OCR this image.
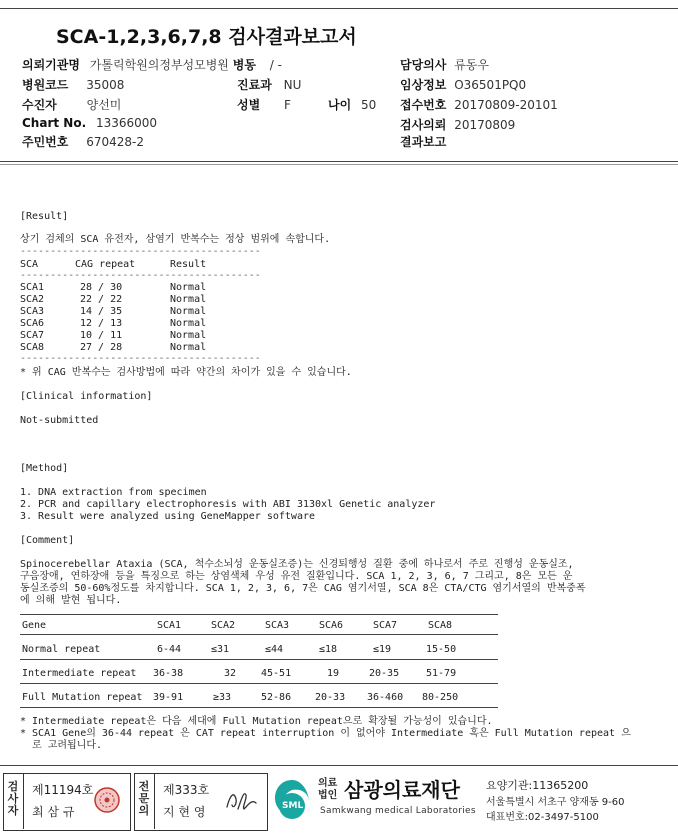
SCA-1,2,3,6,7,8 검사결과보고서
의뢰기관명 가톨릭학원의정부성모병원 병동 / -	담당의사 류동우
병원코드 35008	진료과 NU	임상정보 O36501PQ0
수진자 양선미	성별 F	나이 50 접수번호 20170809-20101
Chart No. 13366000	검사의뢰 20170809
주민번호 670428-2	결과보고
[Result]
상기 검체의 SCA 유전자, 삼염기 반복수는 정상 범위에 속합니다.
----------------------------------------
SCA	CAG repeat	Result
----------------------------------------
SCA1	28 / 30	Normal
SCA2	22 / 22	Normal
SCA3	14 / 35	Normal
SCA6	12 / 13	Normal
SCA7	10 / 11	Normal
SCA8	27 / 28	Normal
----------------------------------------
* 위 CAG 반복수는 검사방법에 따라 약간의 차이가 있을 수 있습니다.
[Clinical information]
Not-submitted
[Method]
1. DNA extraction from specimen
2. PCR and capillary electrophoresis with ABI 3130xl Genetic analyzer
3. Result were analyzed using GeneMapper software
[Comment]
Spinocerebellar Ataxia (SCA, 척수소뇌성 운동실조증)는 신경퇴행성 질환 중에 하나로서 주로 진행성 운동실조,
구음장애, 연하장애 등을 특징으로 하는 상염색체 우성 유전 질환입니다. SCA 1, 2, 3, 6, 7 그리고, 8은 모든 운
동실조증의 50-60%정도를 차지합니다. SCA 1, 2, 3, 6, 7은 CAG 염기서열, SCA 8은 CTA/CTG 염기서열의 반복중폭
에 의해 발현 됩니다.
Gene	SCA1	SCA2	SCA3	SCA6	SCA7	SCA8
Normal repeat	6-44	≤31	≤44	≤18	≤19	15-50
Intermediate repeat 36-38	32 45-51	19	20-35	51-79
Full Mutation repeat 39-91	≥33	52-86 20-33 36-460 80-250
* Intermediate repeat은 다음 세대에 Full Mutation repeat으로 확장될 가능성이 있습니다.
* SCA1 Gene의 36-44 repeat 은 CAT repeat interruption 이 없어야 Intermediate 혹은 Full Mutation repeat 으
로 고려됩니다.
검사자
제11194호
최 삼 규
전문의
제333호
지 현 영	SML
의료법인 삼광의료재단
Samkwang medical Laboratories
요양기관:11365200
서울특별시 서초구 양재동 9-60
대표번호:02-3497-5100
